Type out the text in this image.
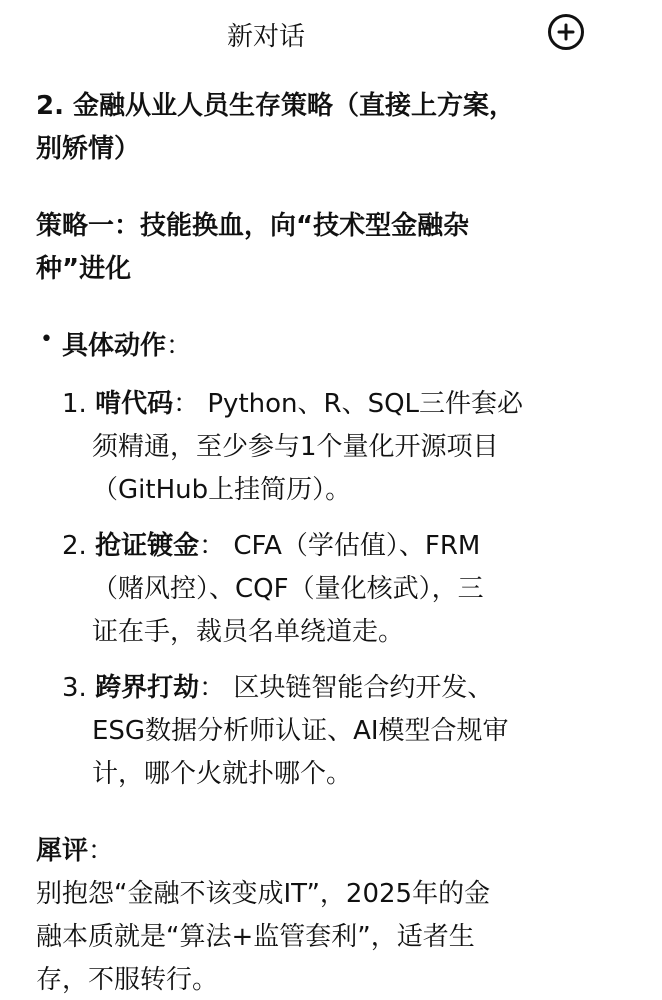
新对话
2. 金融从业人员生存策略（直接上方案，
别矫情）
策略一：技能换血，向“技术型金融杂
种”进化
• 具体动作：
1. 啃代码： Python、R、SQL三件套必
须精通，至少参与1个量化开源项目
（GitHub上挂简历）。
2. 抢证镀金： CFA（学估值）、FRM
（赌风控）、CQF（量化核武），三
证在手，裁员名单绕道走。
3. 跨界打劫： 区块链智能合约开发、
ESG数据分析师认证、AI模型合规审
计，哪个火就扑哪个。
犀评：
别抱怨“金融不该变成IT”，2025年的金
融本质就是“算法+监管套利”，适者生
存，不服转行。
